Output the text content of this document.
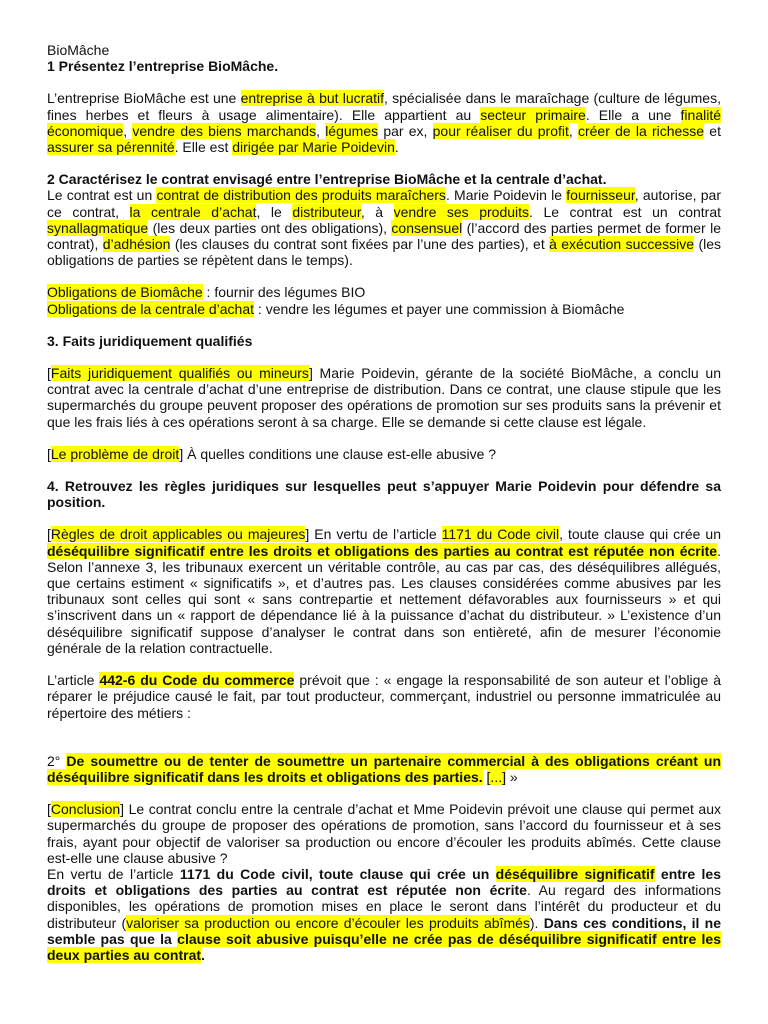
BioMâche

1 Présentez l’entreprise BioMâche.

L’entreprise BioMâche est une entreprise à but lucratif, spécialisée dans le maraîchage (culture de légumes, fines herbes et fleurs à usage alimentaire). Elle appartient au secteur primaire. Elle a une finalité économique, vendre des biens marchands, légumes par ex, pour réaliser du profit, créer de la richesse et assurer sa pérennité. Elle est dirigée par Marie Poidevin.

2 Caractérisez le contrat envisagé entre l’entreprise BioMâche et la centrale d’achat.

Le contrat est un contrat de distribution des produits maraîchers. Marie Poidevin le fournisseur, autorise, par ce contrat, la centrale d’achat, le distributeur, à vendre ses produits. Le contrat est un contrat synallagmatique (les deux parties ont des obligations), consensuel (l’accord des parties permet de former le contrat), d’adhésion (les clauses du contrat sont fixées par l’une des parties), et à exécution successive (les obligations de parties se répètent dans le temps).

Obligations de Biomâche : fournir des légumes BIO

Obligations de la centrale d’achat : vendre les légumes et payer une commission à Biomâche

3. Faits juridiquement qualifiés

[Faits juridiquement qualifiés ou mineurs] Marie Poidevin, gérante de la société BioMâche, a conclu un contrat avec la centrale d’achat d’une entreprise de distribution. Dans ce contrat, une clause stipule que les supermarchés du groupe peuvent proposer des opérations de promotion sur ses produits sans la prévenir et que les frais liés à ces opérations seront à sa charge. Elle se demande si cette clause est légale.

[Le problème de droit] À quelles conditions une clause est-elle abusive ?

4. Retrouvez les règles juridiques sur lesquelles peut s’appuyer Marie Poidevin pour défendre sa position.

[Règles de droit applicables ou majeures] En vertu de l’article 1171 du Code civil, toute clause qui crée un déséquilibre significatif entre les droits et obligations des parties au contrat est réputée non écrite. Selon l’annexe 3, les tribunaux exercent un véritable contrôle, au cas par cas, des déséquilibres allégués, que certains estiment « significatifs », et d’autres pas. Les clauses considérées comme abusives par les tribunaux sont celles qui sont « sans contrepartie et nettement défavorables aux fournisseurs » et qui s’inscrivent dans un « rapport de dépendance lié à la puissance d’achat du distributeur. » L’existence d’un déséquilibre significatif suppose d’analyser le contrat dans son entièreté, afin de mesurer l’économie générale de la relation contractuelle.

L’article 442-6 du Code du commerce prévoit que : « engage la responsabilité de son auteur et l’oblige à réparer le préjudice causé le fait, par tout producteur, commerçant, industriel ou personne immatriculée au répertoire des métiers :

2° De soumettre ou de tenter de soumettre un partenaire commercial à des obligations créant un déséquilibre significatif dans les droits et obligations des parties. [...] »

[Conclusion] Le contrat conclu entre la centrale d’achat et Mme Poidevin prévoit une clause qui permet aux supermarchés du groupe de proposer des opérations de promotion, sans l’accord du fournisseur et à ses frais, ayant pour objectif de valoriser sa production ou encore d’écouler les produits abîmés. Cette clause est-elle une clause abusive ?

En vertu de l’article 1171 du Code civil, toute clause qui crée un déséquilibre significatif entre les droits et obligations des parties au contrat est réputée non écrite. Au regard des informations disponibles, les opérations de promotion mises en place le seront dans l’intérêt du producteur et du distributeur (valoriser sa production ou encore d’écouler les produits abîmés). Dans ces conditions, il ne semble pas que la clause soit abusive puisqu’elle ne crée pas de déséquilibre significatif entre les deux parties au contrat.
